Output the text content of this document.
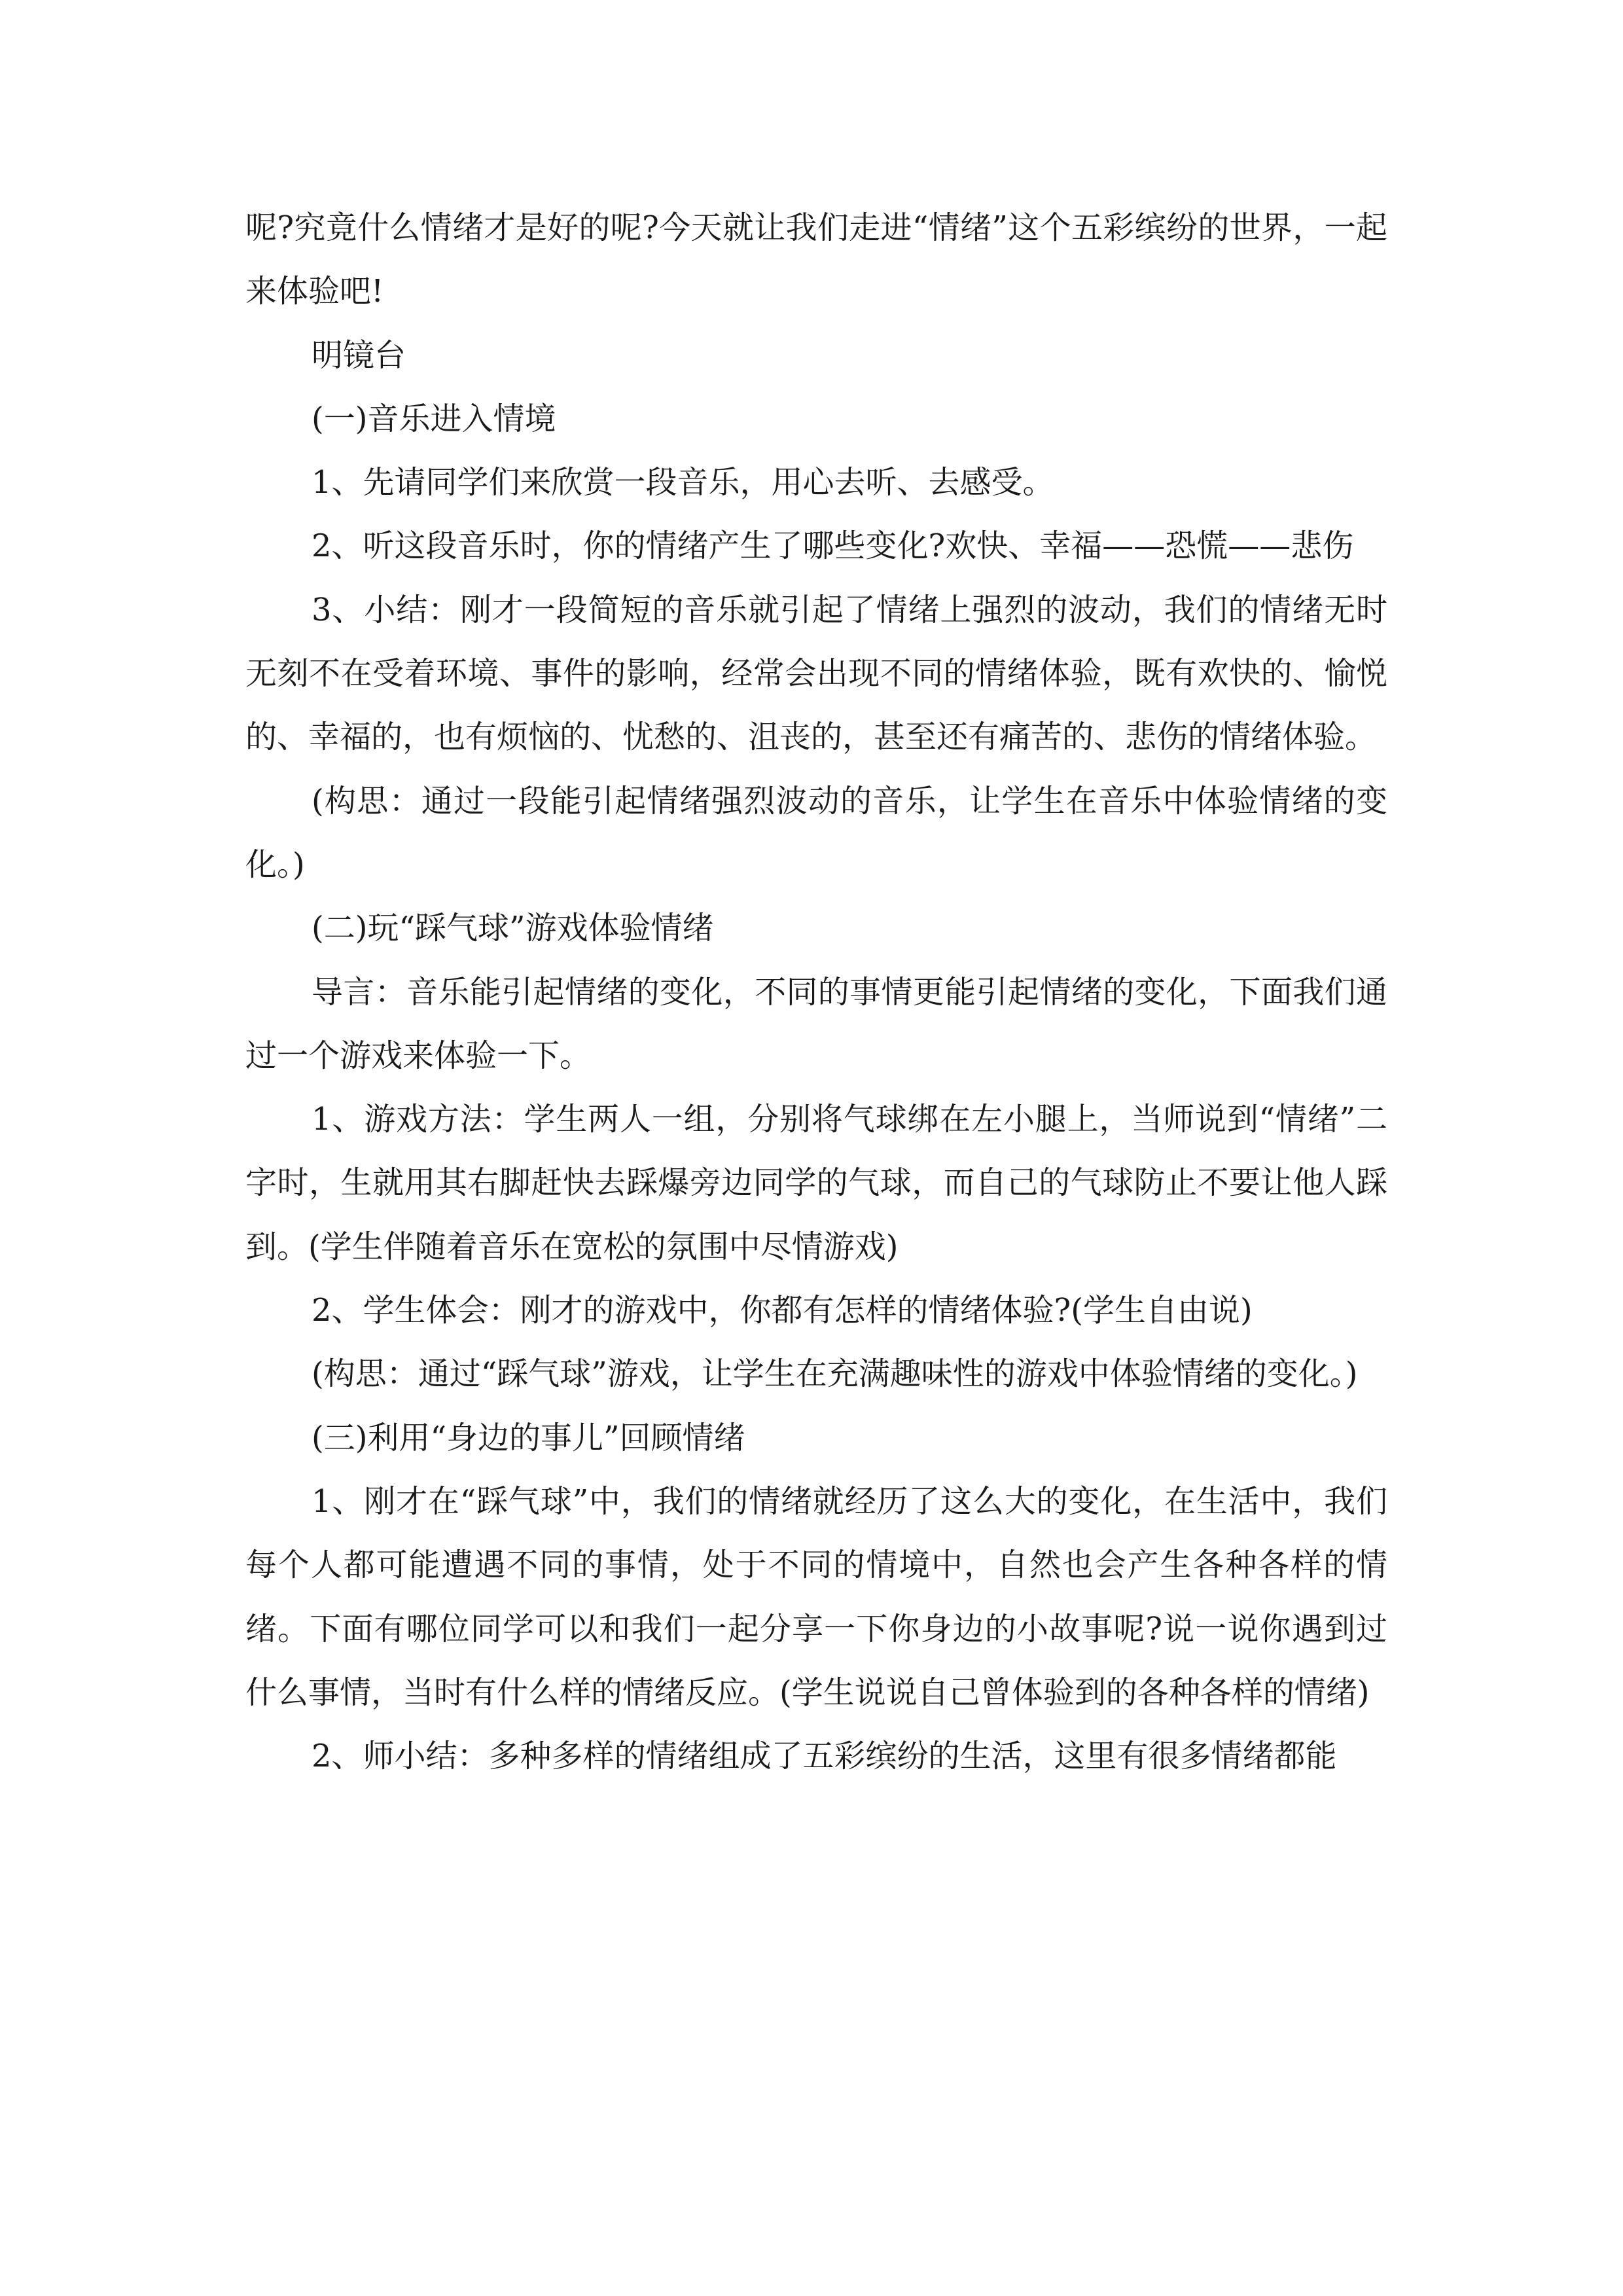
呢?究竟什么情绪才是好的呢?今天就让我们走进“情绪”这个五彩缤纷的世界，一起来体验吧!

明镜台

(一)音乐进入情境

1、先请同学们来欣赏一段音乐，用心去听、去感受。

2、听这段音乐时，你的情绪产生了哪些变化?欢快、幸福——恐慌——悲伤

3、小结：刚才一段简短的音乐就引起了情绪上强烈的波动，我们的情绪无时无刻不在受着环境、事件的影响，经常会出现不同的情绪体验，既有欢快的、愉悦的、幸福的，也有烦恼的、忧愁的、沮丧的，甚至还有痛苦的、悲伤的情绪体验。

(构思：通过一段能引起情绪强烈波动的音乐，让学生在音乐中体验情绪的变化。)

(二)玩“踩气球”游戏体验情绪

导言：音乐能引起情绪的变化，不同的事情更能引起情绪的变化，下面我们通过一个游戏来体验一下。

1、游戏方法：学生两人一组，分别将气球绑在左小腿上，当师说到“情绪”二字时，生就用其右脚赶快去踩爆旁边同学的气球，而自己的气球防止不要让他人踩到。(学生伴随着音乐在宽松的氛围中尽情游戏)

2、学生体会：刚才的游戏中，你都有怎样的情绪体验?(学生自由说)

(构思：通过“踩气球”游戏，让学生在充满趣味性的游戏中体验情绪的变化。)

(三)利用“身边的事儿”回顾情绪

1、刚才在“踩气球”中，我们的情绪就经历了这么大的变化，在生活中，我们每个人都可能遭遇不同的事情，处于不同的情境中，自然也会产生各种各样的情绪。下面有哪位同学可以和我们一起分享一下你身边的小故事呢?说一说你遇到过什么事情，当时有什么样的情绪反应。(学生说说自己曾体验到的各种各样的情绪)

2、师小结：多种多样的情绪组成了五彩缤纷的生活，这里有很多情绪都能
